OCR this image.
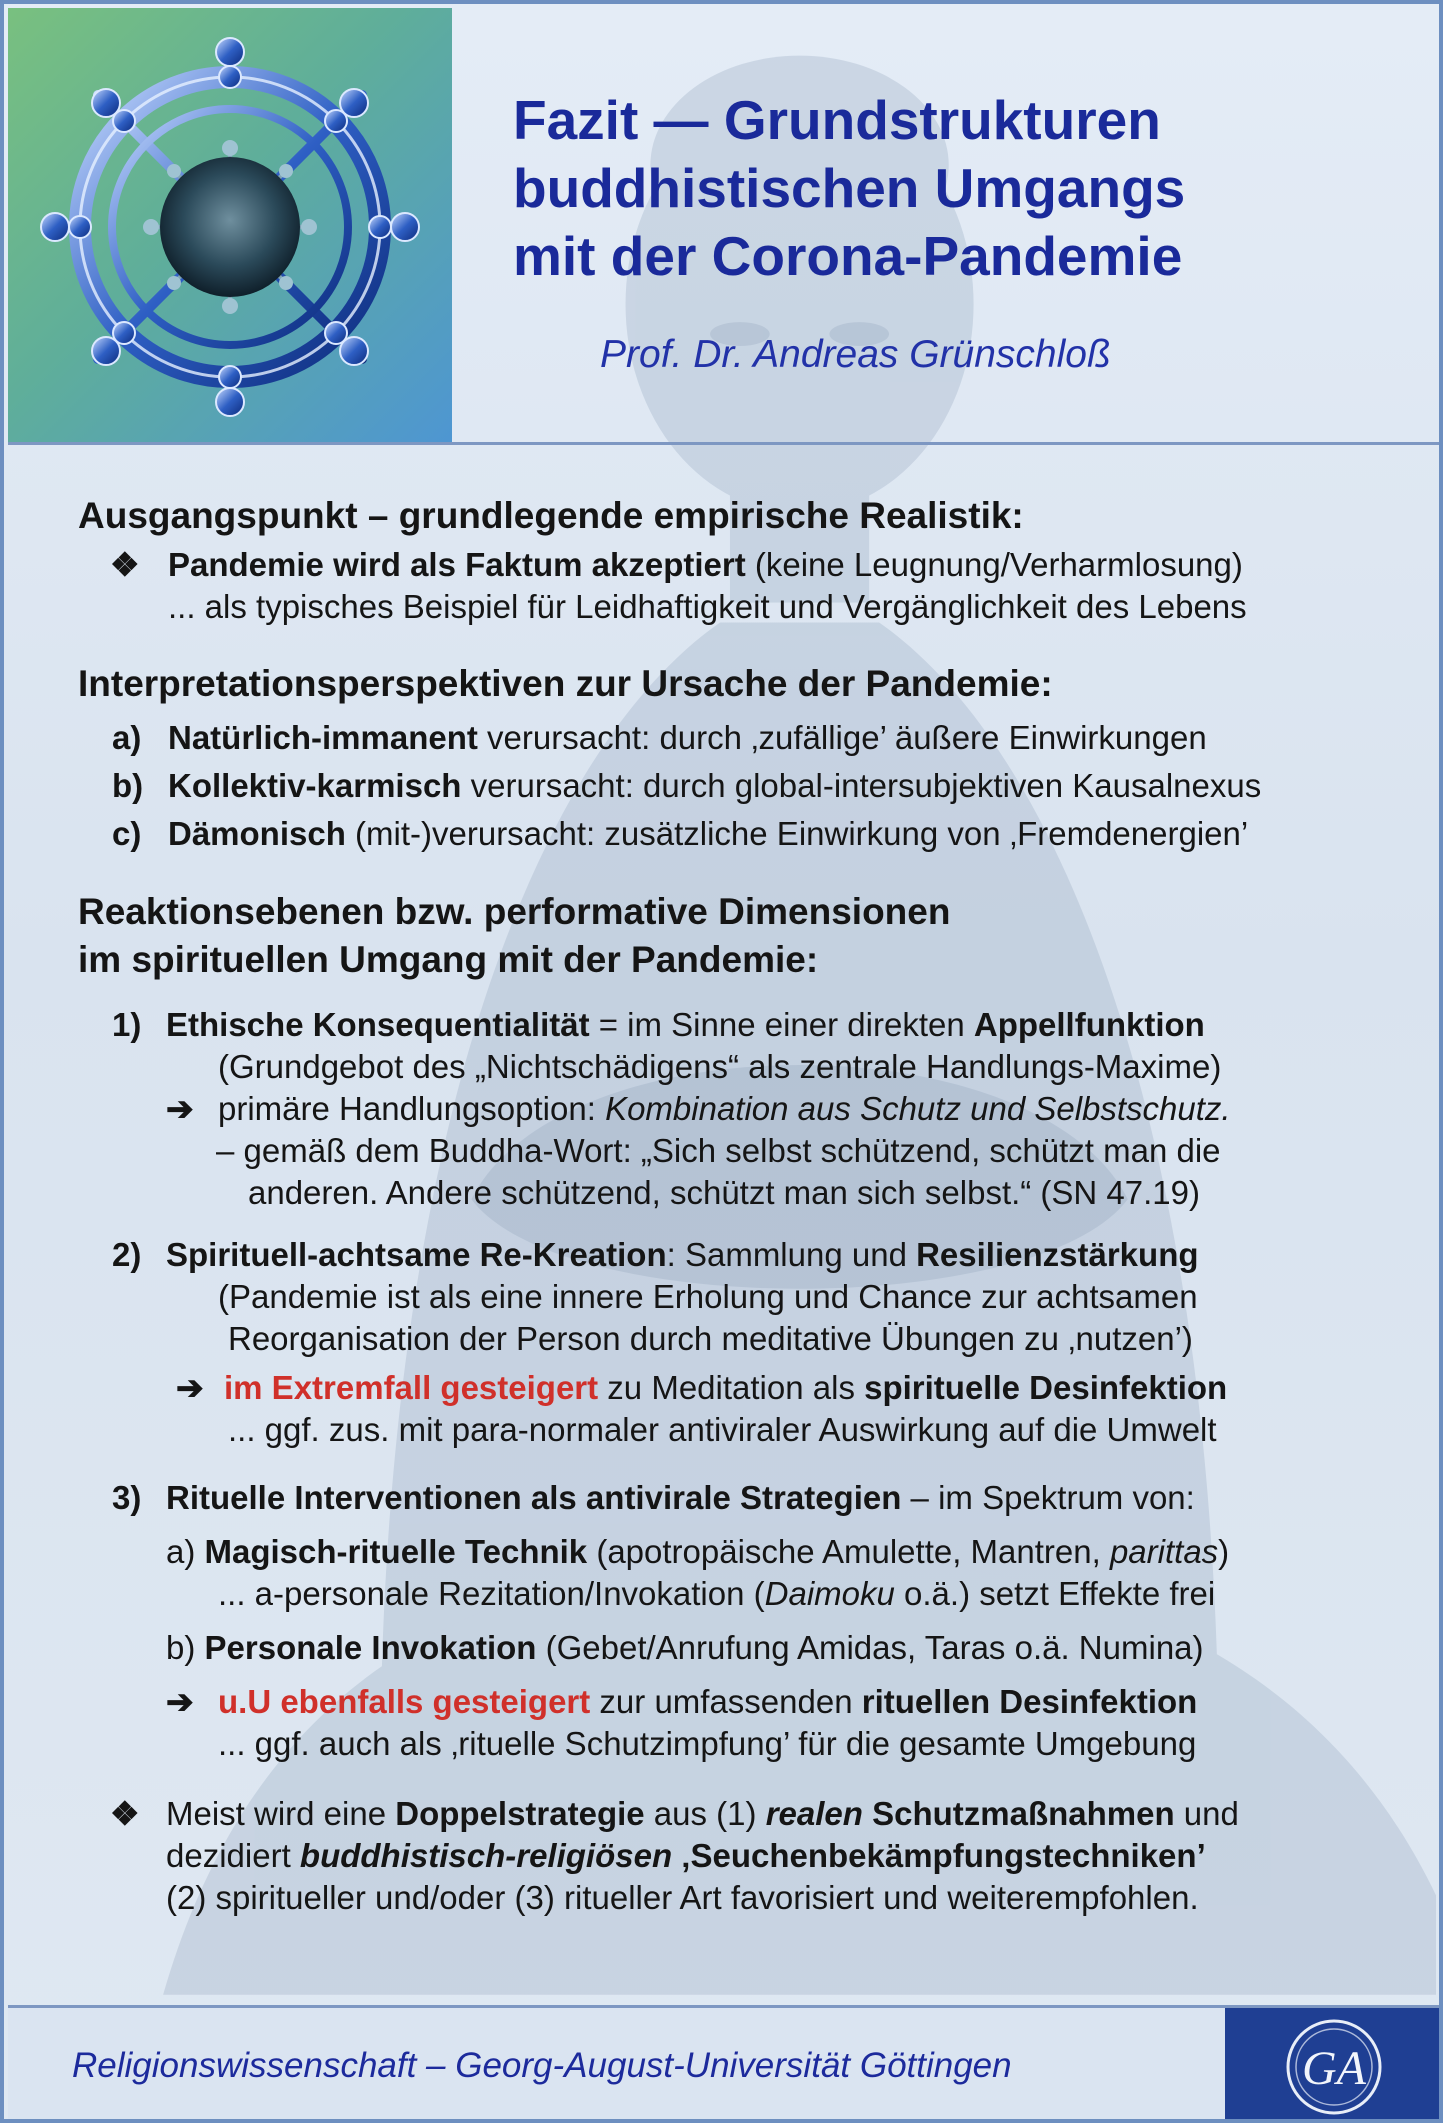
Fazit — Grundstrukturen
buddhistischen Umgangs
mit der Corona-Pandemie
Prof. Dr. Andreas Grünschloß
Ausgangspunkt – grundlegende empirische Realistik:
❖ Pandemie wird als Faktum akzeptiert (keine Leugnung/Verharmlosung)
... als typisches Beispiel für Leidhaftigkeit und Vergänglichkeit des Lebens
Interpretationsperspektiven zur Ursache der Pandemie:
a) Natürlich-immanent verursacht: durch ‚zufällige’ äußere Einwirkungen
b) Kollektiv-karmisch verursacht: durch global-intersubjektiven Kausalnexus
c) Dämonisch (mit-)verursacht: zusätzliche Einwirkung von ‚Fremdenergien’
Reaktionsebenen bzw. performative Dimensionen
im spirituellen Umgang mit der Pandemie:
1) Ethische Konsequentialität = im Sinne einer direkten Appellfunktion
(Grundgebot des „Nichtschädigens“ als zentrale Handlungs-Maxime)
➔ primäre Handlungsoption: Kombination aus Schutz und Selbstschutz.
– gemäß dem Buddha-Wort: „Sich selbst schützend, schützt man die
anderen. Andere schützend, schützt man sich selbst.“ (SN 47.19)
2) Spirituell-achtsame Re-Kreation: Sammlung und Resilienzstärkung
(Pandemie ist als eine innere Erholung und Chance zur achtsamen
Reorganisation der Person durch meditative Übungen zu ‚nutzen’)
➔ im Extremfall gesteigert zu Meditation als spirituelle Desinfektion
... ggf. zus. mit para-normaler antiviraler Auswirkung auf die Umwelt
3) Rituelle Interventionen als antivirale Strategien – im Spektrum von:
a) Magisch-rituelle Technik (apotropäische Amulette, Mantren, parittas)
... a-personale Rezitation/Invokation (Daimoku o.ä.) setzt Effekte frei
b) Personale Invokation (Gebet/Anrufung Amidas, Taras o.ä. Numina)
➔ u.U ebenfalls gesteigert zur umfassenden rituellen Desinfektion
... ggf. auch als ‚rituelle Schutzimpfung’ für die gesamte Umgebung
❖ Meist wird eine Doppelstrategie aus (1) realen Schutzmaßnahmen und
dezidiert buddhistisch-religiösen ‚Seuchenbekämpfungstechniken’
(2) spiritueller und/oder (3) ritueller Art favorisiert und weiterempfohlen.
Religionswissenschaft – Georg-August-Universität Göttingen	GA
